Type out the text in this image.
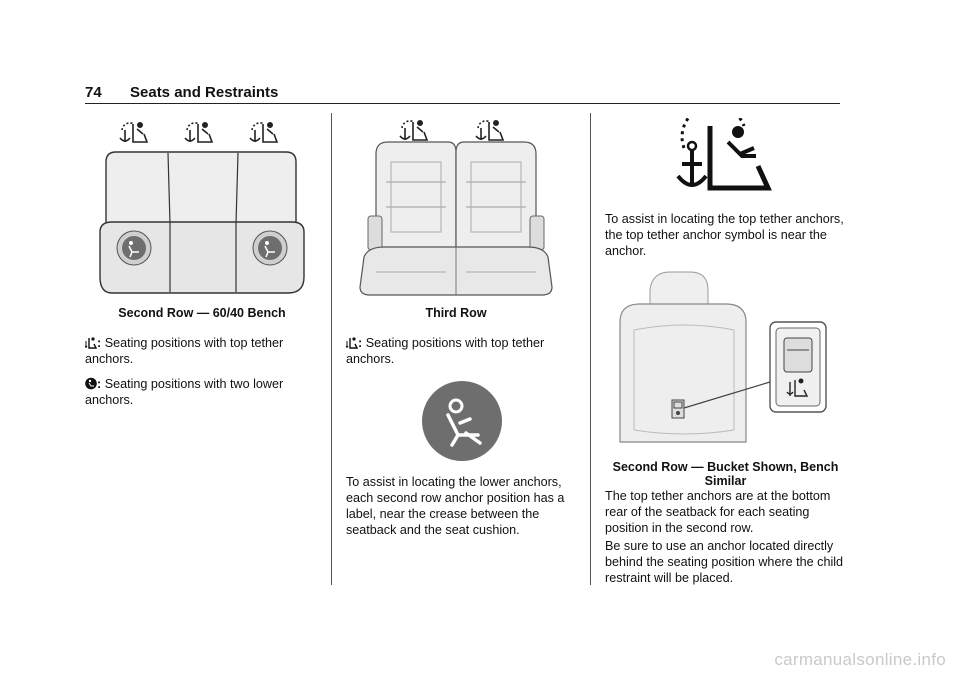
74 Seats and Restraints
Second Row — 60/40 Bench
: Seating positions with top tether anchors.
: Seating positions with two lower anchors.
Third Row
: Seating positions with top tether anchors.
To assist in locating the lower anchors, each second row anchor position has a label, near the crease between the seatback and the seat cushion.
To assist in locating the top tether anchors, the top tether anchor symbol is near the anchor.
Second Row — Bucket Shown, Bench Similar
The top tether anchors are at the bottom rear of the seatback for each seating position in the second row.
Be sure to use an anchor located directly behind the seating position where the child restraint will be placed.
carmanualsonline.info
